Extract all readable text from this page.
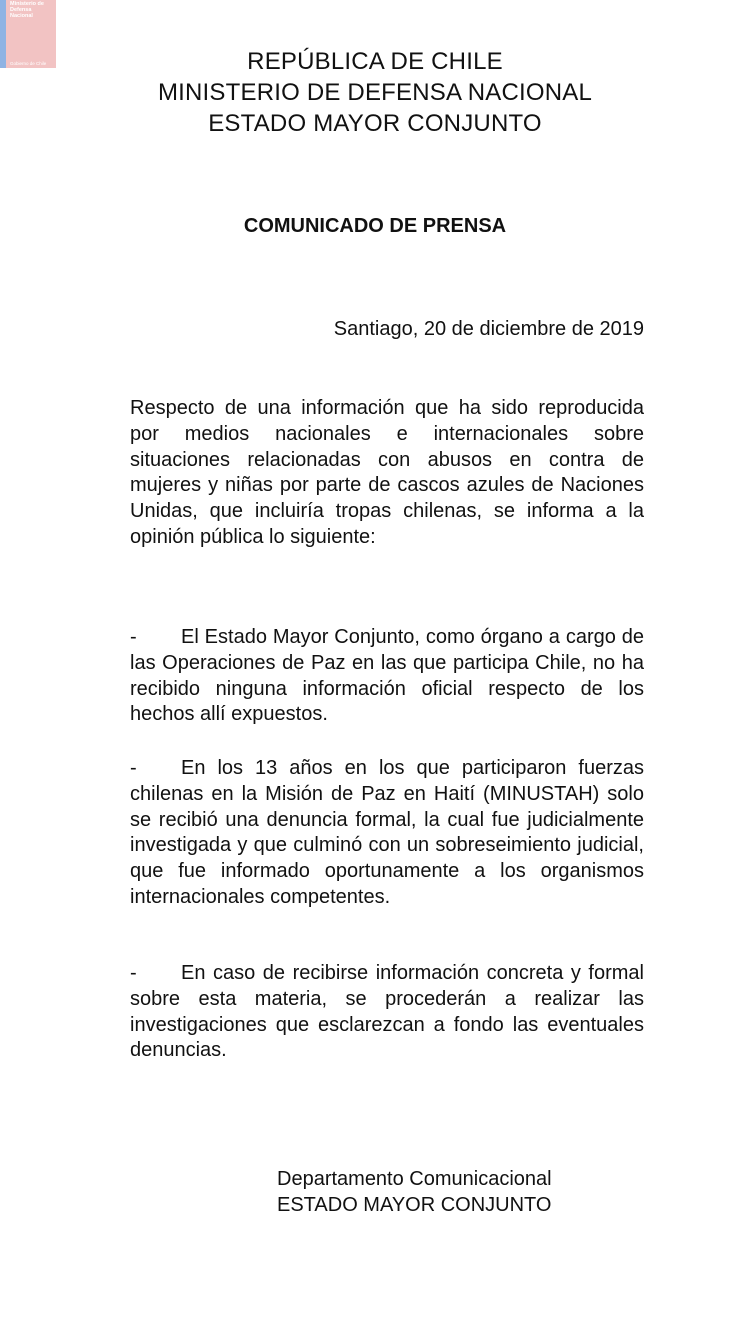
Ministerio de Defensa Nacional
Gobierno de Chile	REPÚBLICA DE CHILE
MINISTERIO DE DEFENSA NACIONAL
ESTADO MAYOR CONJUNTO
COMUNICADO DE PRENSA
Santiago, 20 de diciembre de 2019
Respecto de una información que ha sido reproducida por medios nacionales e internacionales sobre situaciones relacionadas con abusos en contra de mujeres y niñas por parte de cascos azules de Naciones Unidas, que incluiría tropas chilenas, se informa a la opinión pública lo siguiente:
- El Estado Mayor Conjunto, como órgano a cargo de las Operaciones de Paz en las que participa Chile, no ha recibido ninguna información oficial respecto de los hechos allí expuestos.
- En los 13 años en los que participaron fuerzas chilenas en la Misión de Paz en Haití (MINUSTAH) solo se recibió una denuncia formal, la cual fue judicialmente investigada y que culminó con un sobreseimiento judicial, que fue informado oportunamente a los organismos internacionales competentes.
- En caso de recibirse información concreta y formal sobre esta materia, se procederán a realizar las investigaciones que esclarezcan a fondo las eventuales denuncias.
Departamento Comunicacional
ESTADO MAYOR CONJUNTO
